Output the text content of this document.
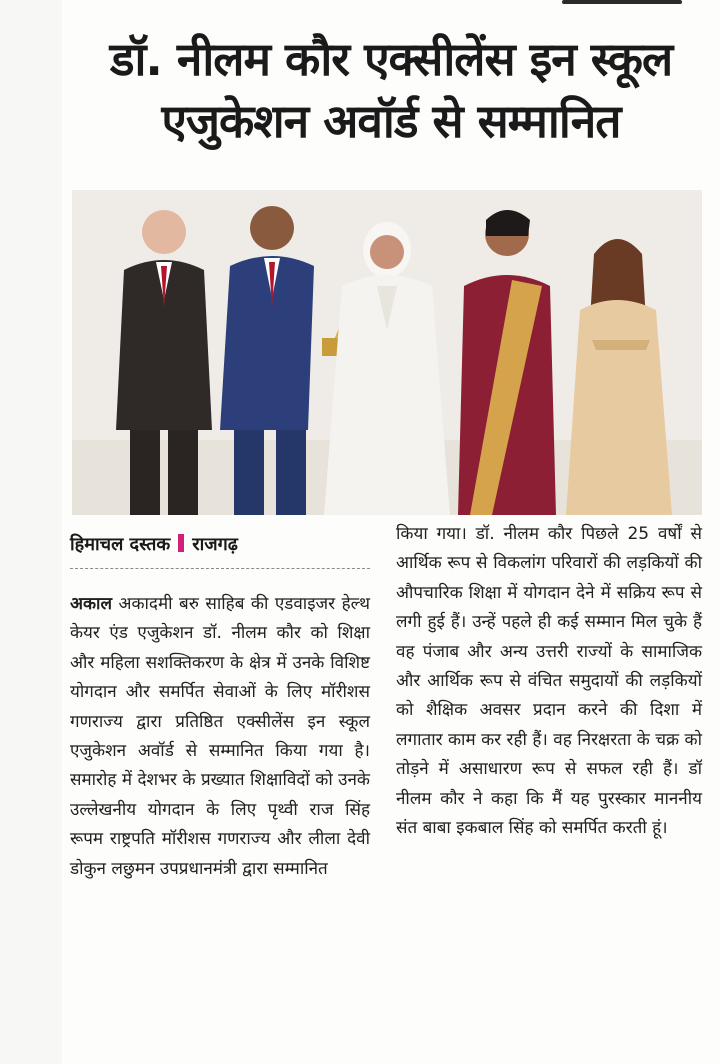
डॉ. नीलम कौर एक्सीलेंस इन स्कूल
एजुकेशन अवॉर्ड से सम्मानित
हिमाचल दस्तक राजगढ़
अकाल अकादमी बरु साहिब की एडवाइजर हेल्थ केयर एंड एजुकेशन डॉ. नीलम कौर को शिक्षा और महिला सशक्तिकरण के क्षेत्र में उनके विशिष्ट योगदान और समर्पित सेवाओं के लिए मॉरीशस गणराज्य द्वारा प्रतिष्ठित एक्सीलेंस इन स्कूल एजुकेशन अवॉर्ड से सम्मानित किया गया है। समारोह में देशभर के प्रख्यात शिक्षाविदों को उनके उल्लेखनीय योगदान के लिए पृथ्वी राज सिंह रूपम राष्ट्रपति मॉरीशस गणराज्य और लीला देवी डोकुन लछुमन उपप्रधानमंत्री द्वारा सम्मानित
किया गया। डॉ. नीलम कौर पिछले 25 वर्षों से आर्थिक रूप से विकलांग परिवारों की लड़कियों की औपचारिक शिक्षा में योगदान देने में सक्रिय रूप से लगी हुई हैं। उन्हें पहले ही कई सम्मान मिल चुके हैं वह पंजाब और अन्य उत्तरी राज्यों के सामाजिक और आर्थिक रूप से वंचित समुदायों की लड़कियों को शैक्षिक अवसर प्रदान करने की दिशा में लगातार काम कर रही हैं। वह निरक्षरता के चक्र को तोड़ने में असाधारण रूप से सफल रही हैं। डॉ नीलम कौर ने कहा कि मैं यह पुरस्कार माननीय संत बाबा इकबाल सिंह को समर्पित करती हूं।
